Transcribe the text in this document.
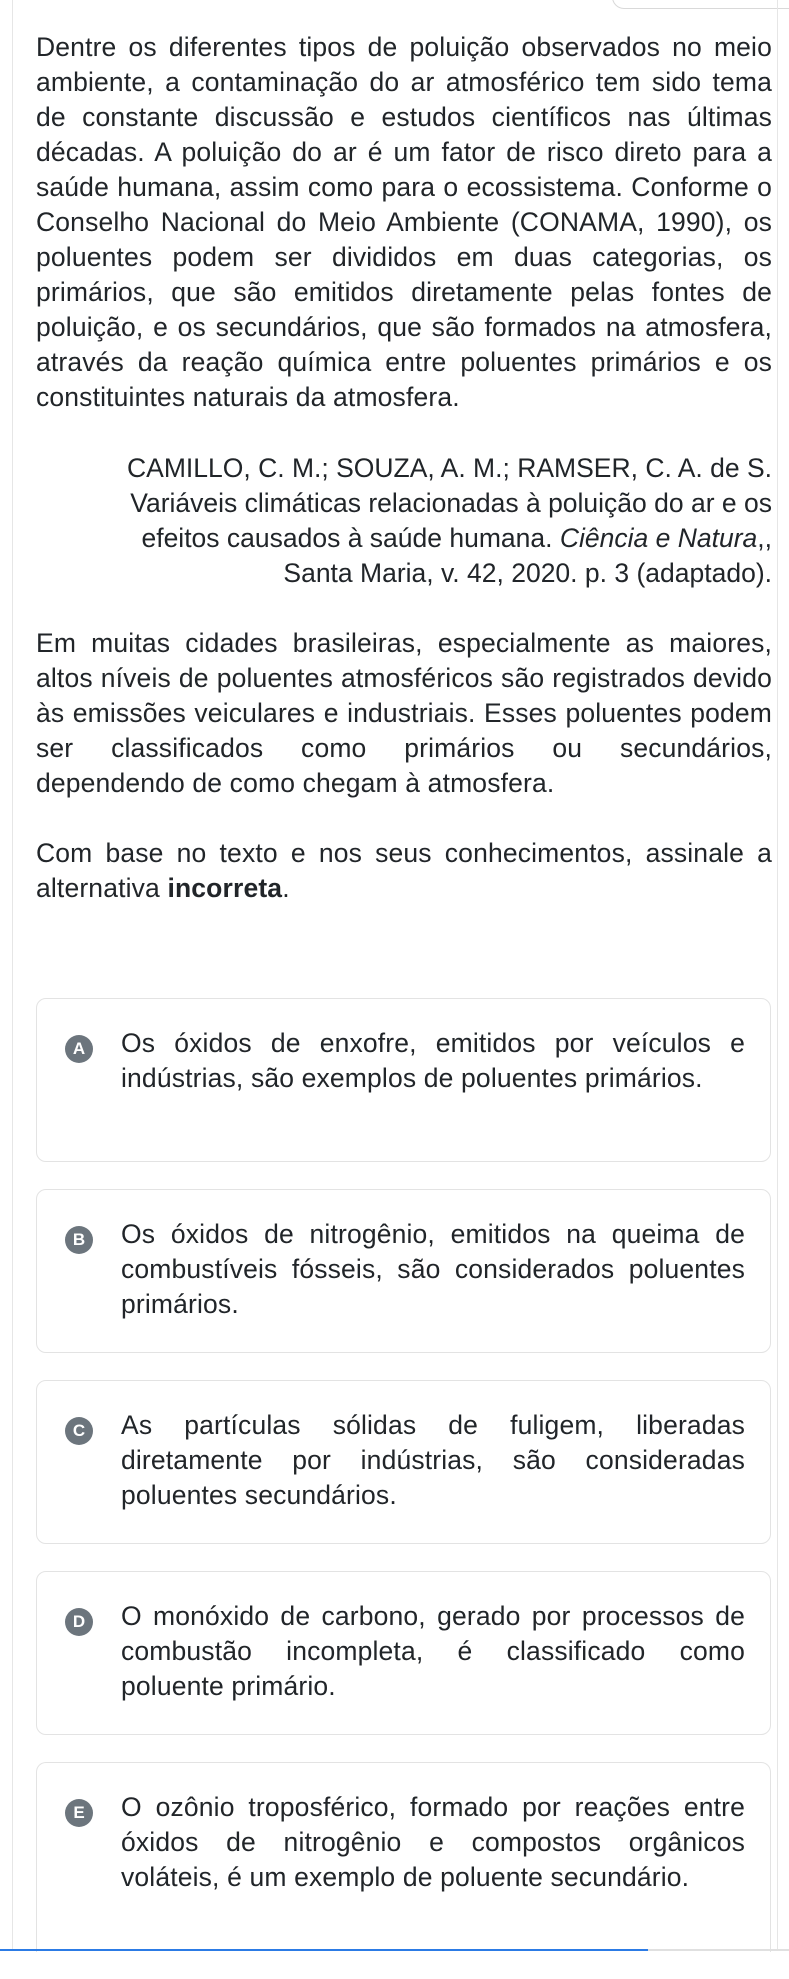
Dentre os diferentes tipos de poluição observados no meio ambiente, a contaminação do ar atmosférico tem sido tema de constante discussão e estudos científicos nas últimas décadas. A poluição do ar é um fator de risco direto para a saúde humana, assim como para o ecossistema. Conforme o Conselho Nacional do Meio Ambiente (CONAMA, 1990), os poluentes podem ser divididos em duas categorias, os primários, que são emitidos diretamente pelas fontes de poluição, e os secundários, que são formados na atmosfera, através da reação química entre poluentes primários e os constituintes naturais da atmosfera.

CAMILLO, C. M.; SOUZA, A. M.; RAMSER, C. A. de S.
Variáveis climáticas relacionadas à poluição do ar e os
efeitos causados à saúde humana. Ciência e Natura,,
Santa Maria, v. 42, 2020. p. 3 (adaptado).

Em muitas cidades brasileiras, especialmente as maiores, altos níveis de poluentes atmosféricos são registrados devido às emissões veiculares e industriais. Esses poluentes podem ser classificados como primários ou secundários, dependendo de como chegam à atmosfera.

Com base no texto e nos seus conhecimentos, assinale a alternativa incorreta.

A Os óxidos de enxofre, emitidos por veículos e indústrias, são exemplos de poluentes primários.

B Os óxidos de nitrogênio, emitidos na queima de combustíveis fósseis, são considerados poluentes primários.

C As partículas sólidas de fuligem, liberadas diretamente por indústrias, são consideradas poluentes secundários.

D O monóxido de carbono, gerado por processos de combustão incompleta, é classificado como poluente primário.

E	O ozônio troposférico, formado por reações entre óxidos de nitrogênio e compostos orgânicos voláteis, é um exemplo de poluente secundário.
